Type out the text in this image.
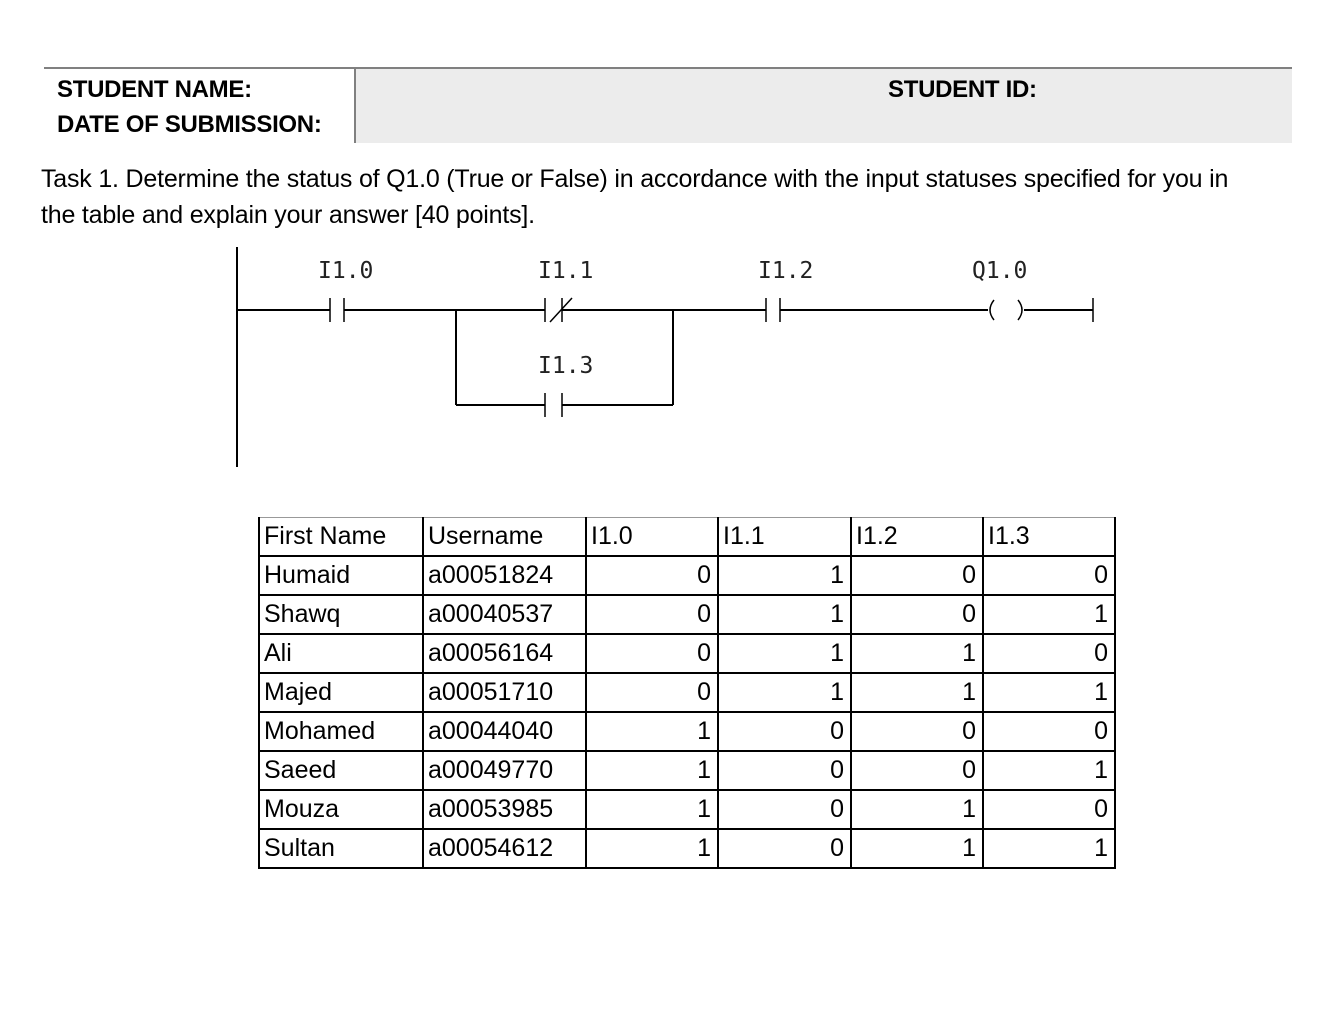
STUDENT NAME:
DATE OF SUBMISSION:
STUDENT ID:
Task 1. Determine the status of Q1.0 (True or False) in accordance with the input statuses specified for you in the table and explain your answer [40 points].
I1.0	I1.1	I1.2
I1.3
Q1.0
First Name	Username	I1.0	I1.1	I1.2	I1.3
Humaid	a00051824	0	1	0	0
Shawq	a00040537	0	1	0	1
Ali	a00056164	0	1	1	0
Majed	a00051710	0	1	1	1
Mohamed	a00044040	1	0	0	0
Saeed	a00049770	1	0	0	1
Mouza	a00053985	1	0	1	0
Sultan	a00054612	1	0	1	1
